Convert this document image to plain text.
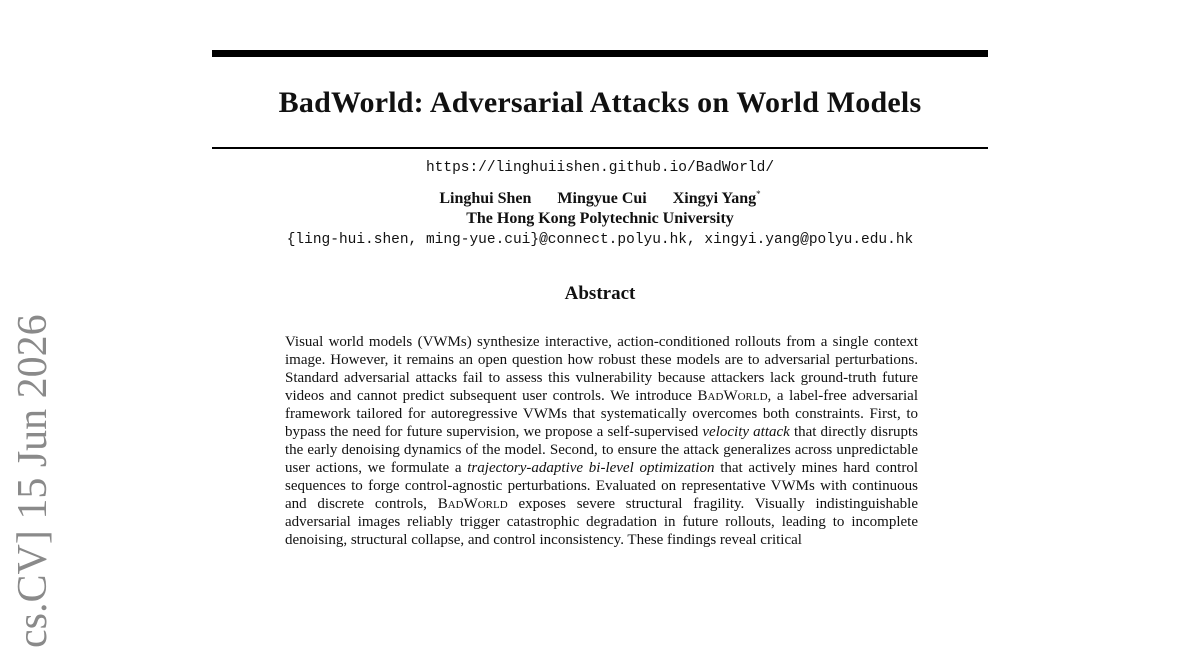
BadWorld: Adversarial Attacks on World Models
https://linghuiishen.github.io/BadWorld/
Linghui Shen Mingyue Cui Xingyi Yang*
The Hong Kong Polytechnic University
{ling-hui.shen, ming-yue.cui}@connect.polyu.hk, xingyi.yang@polyu.edu.hk
Abstract
Visual world models (VWMs) synthesize interactive, action-conditioned rollouts from a single context image. However, it remains an open question how robust these models are to adversarial perturbations. Standard adversarial attacks fail to assess this vulnerability because attackers lack ground-truth future videos and cannot predict subsequent user controls. We introduce BadWorld, a label-free adversarial framework tailored for autoregressive VWMs that systematically overcomes both constraints. First, to bypass the need for future supervision, we propose a self-supervised velocity attack that directly disrupts the early denoising dynamics of the model. Second, to ensure the attack generalizes across unpredictable user actions, we formulate a trajectory-adaptive bi-level optimization that actively mines hard control sequences to forge control-agnostic perturbations. Evaluated on representative VWMs with continuous and discrete controls, BadWorld exposes severe structural fragility. Visually indistinguishable adversarial images reliably trigger catastrophic degradation in future rollouts, leading to incomplete denoising, structural collapse, and control inconsistency. These findings reveal critical
cs.CV] 15 Jun 2026
